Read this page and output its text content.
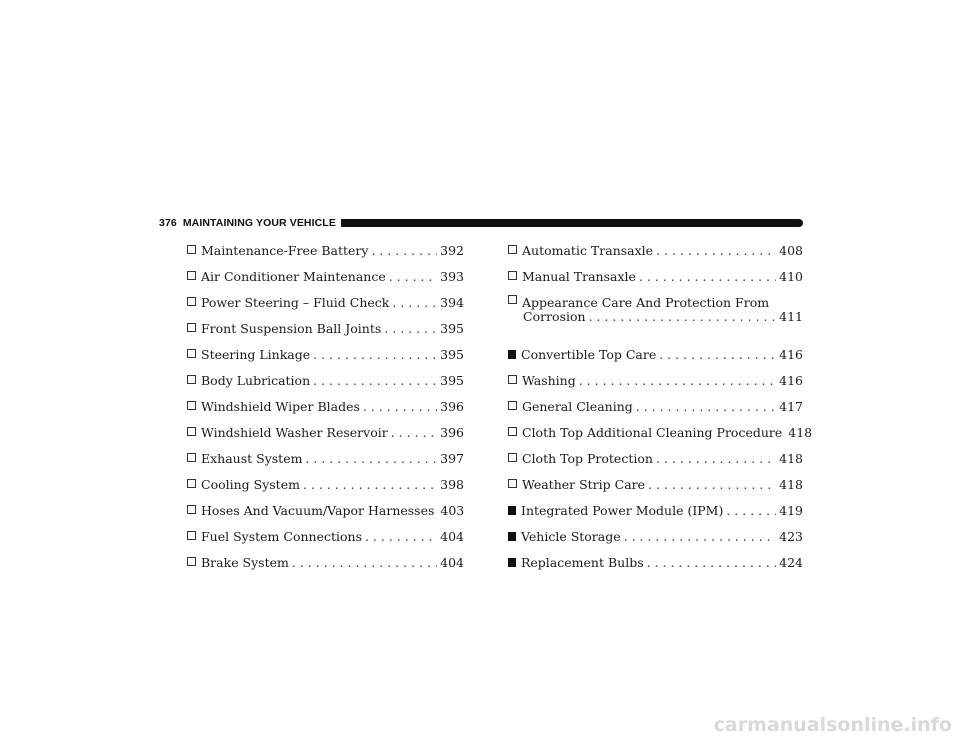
376 MAINTAINING YOUR VEHICLE
Maintenance-Free Battery . . .	392
Air Conditioner Maintenance . . .	393
Power Steering – Fluid Check . . .	394
Front Suspension Ball Joints . . .	395
Steering Linkage . . .	395
Body Lubrication . . .	395
Windshield Wiper Blades . . .	396
Windshield Washer Reservoir . . .	396
Exhaust System . . .	397
Cooling System . . .	398
Hoses And Vacuum/Vapor Harnesses 403
Fuel System Connections . . .	404
Brake System . . .	404
Automatic Transaxle . . .	408
Manual Transaxle . . .	410
Appearance Care And Protection From
Corrosion . . .	411
Convertible Top Care . . .	416
Washing . . .	416
General Cleaning . . .	417
Cloth Top Additional Cleaning Procedure 418
Cloth Top Protection . . .	418
Weather Strip Care . . .	418
Integrated Power Module (IPM) . . .	419
Vehicle Storage . . .	423
Replacement Bulbs . . .	424
carmanualsonline.info
